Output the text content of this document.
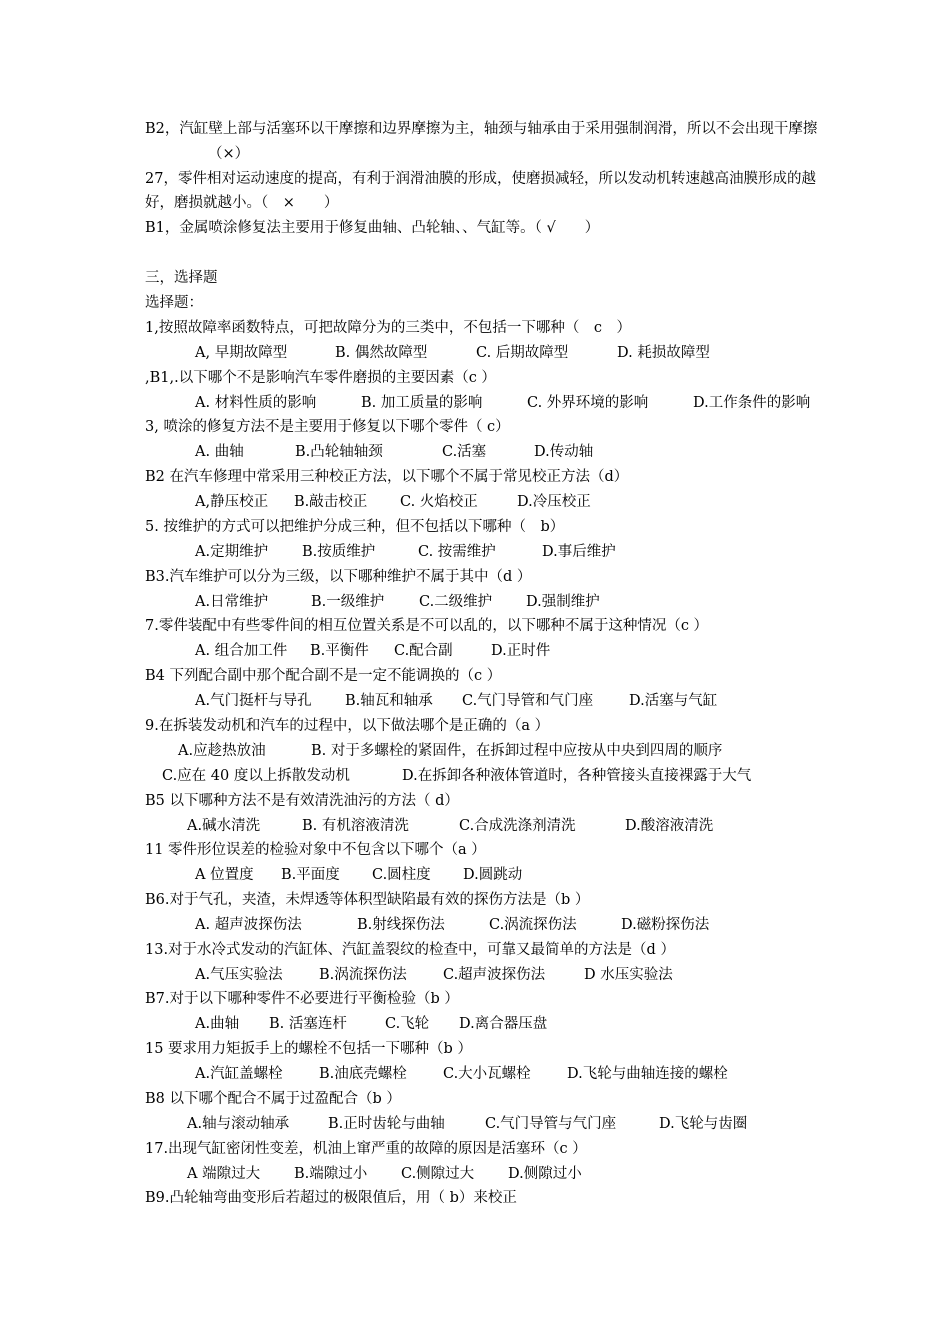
B2，汽缸壁上部与活塞环以干摩擦和边界摩擦为主，轴颈与轴承由于采用强制润滑，所以不会出现干摩擦
（×）
27，零件相对运动速度的提高，有利于润滑油膜的形成，使磨损减轻，所以发动机转速越高油膜形成的越
好，磨损就越小。（　×　　）
B1，金属喷涂修复法主要用于修复曲轴、凸轮轴、、气缸等。（ √　　）
三，选择题
选择题：
1,按照故障率函数特点，可把故障分为的三类中，不包括一下哪种（　c　）
A, 早期故障型	B. 偶然故障型	C. 后期故障型	D. 耗损故障型
,B1,.以下哪个不是影响汽车零件磨损的主要因素（c ）
A. 材料性质的影响	B. 加工质量的影响	C. 外界环境的影响	D.工作条件的影响
3, 喷涂的修复方法不是主要用于修复以下哪个零件（ c）
A. 曲轴	B.凸轮轴轴颈	C.活塞	D.传动轴
B2 在汽车修理中常采用三种校正方法，以下哪个不属于常见校正方法（d）
A,静压校正 B.敲击校正 C. 火焰校正	D.冷压校正
5. 按维护的方式可以把维护分成三种，但不包括以下哪种（　b）
A.定期维护 B.按质维护	C. 按需维护	D.事后维护
B3.汽车维护可以分为三级，以下哪种维护不属于其中（d ）
A.日常维护	B.一级维护 C.二级维护 D.强制维护
7.零件装配中有些零件间的相互位置关系是不可以乱的，以下哪种不属于这种情况（c ）
A. 组合加工件 B.平衡件 C.配合副	D.正时件
B4 下列配合副中那个配合副不是一定不能调换的（c ）
A.气门挺杆与导孔 B.轴瓦和轴承 C.气门导管和气门座 D.活塞与气缸
9.在拆装发动机和汽车的过程中，以下做法哪个是正确的（a ）
A.应趁热放油	B. 对于多螺栓的紧固件，在拆卸过程中应按从中央到四周的顺序
C.应在 40 度以上拆散发动机	D.在拆卸各种液体管道时，各种管接头直接裸露于大气
B5 以下哪种方法不是有效清洗油污的方法（ d）
A.碱水清洗	B. 有机溶液清洗	C.合成洗涤剂清洗	D.酸溶液清洗
11 零件形位误差的检验对象中不包含以下哪个（a ）
A 位置度 B.平面度 C.圆柱度 D.圆跳动
B6.对于气孔，夹渣，未焊透等体积型缺陷最有效的探伤方法是（b ）
A. 超声波探伤法	B.射线探伤法	C.涡流探伤法	D.磁粉探伤法
13.对于水冷式发动的汽缸体、汽缸盖裂纹的检查中，可靠又最简单的方法是（d ）
A.气压实验法	B.涡流探伤法 C.超声波探伤法	D 水压实验法
B7.对于以下哪种零件不必要进行平衡检验（b ）
A.曲轴 B. 活塞连杆	C.飞轮 D.离合器压盘
15 要求用力矩扳手上的螺栓不包括一下哪种（b ）
A.汽缸盖螺栓	B.油底壳螺栓 C.大小瓦螺栓	D.飞轮与曲轴连接的螺栓
B8 以下哪个配合不属于过盈配合（b ）
A.轴与滚动轴承	B.正时齿轮与曲轴	C.气门导管与气门座	D.飞轮与齿圈
17.出现气缸密闭性变差，机油上窜严重的故障的原因是活塞环（c ）
A 端隙过大 B.端隙过小 C.侧隙过大 D.侧隙过小
B9.凸轮轴弯曲变形后若超过的极限值后，用（ b）来校正
